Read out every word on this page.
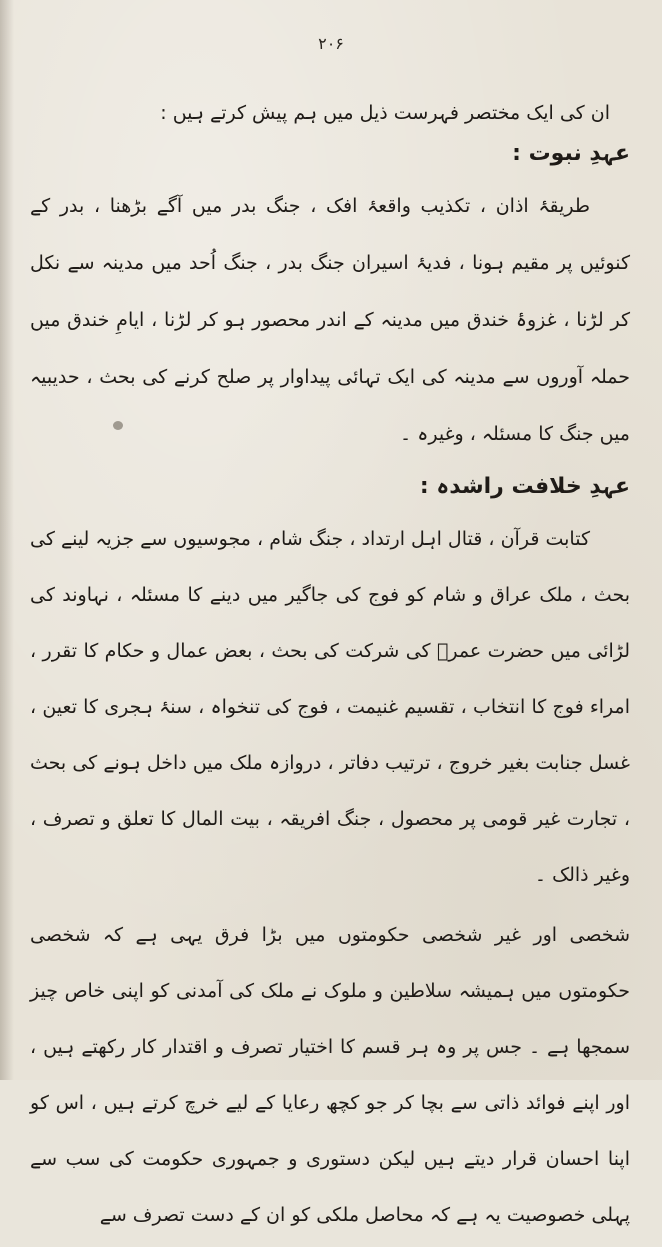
۲۰۶

ان کی ایک مختصر فہرست ذیل میں ہم پیش کرتے ہیں :

عہدِ نبوت :

طریقۂ اذان ، تکذیب واقعۂ افک ، جنگ بدر میں آگے بڑھنا ، بدر کے کنوئیں پر مقیم ہونا ، فدیۂ اسیران جنگ بدر ، جنگ اُحد میں مدینہ سے نکل کر لڑنا ، غزوۂ خندق میں مدینہ کے اندر محصور ہو کر لڑنا ، ایامِ خندق میں حملہ آوروں سے مدینہ کی ایک تہائی پیداوار پر صلح کرنے کی بحث ، حدیبیہ میں جنگ کا مسئلہ ، وغیرہ ۔

عہدِ خلافت راشدہ :

کتابت قرآن ، قتال اہل ارتداد ، جنگ شام ، مجوسیوں سے جزیہ لینے کی بحث ، ملک عراق و شام کو فوج کی جاگیر میں دینے کا مسئلہ ، نہاوند کی لڑائی میں حضرت عمرؓ کی شرکت کی بحث ، بعض عمال و حکام کا تقرر ، امراء فوج کا انتخاب ، تقسیم غنیمت ، فوج کی تنخواہ ، سنۂ ہجری کا تعین ، غسل جنابت بغیر خروج ، ترتیب دفاتر ، دروازہ ملک میں داخل ہونے کی بحث ، تجارت غیر قومی پر محصول ، جنگ افریقہ ، بیت المال کا تعلق و تصرف ، وغیر ذالک ۔

شخصی اور غیر شخصی حکومتوں میں بڑا فرق یہی ہے کہ شخصی حکومتوں میں ہمیشہ سلاطین و ملوک نے ملک کی آمدنی کو اپنی خاص چیز سمجھا ہے ۔ جس پر وہ ہر قسم کا اختیار تصرف و اقتدار کار رکھتے ہیں ، اور اپنے فوائد ذاتی سے بچا کر جو کچھ رعایا کے لیے خرچ کرتے ہیں ، اس کو اپنا احسان قرار دیتے ہیں لیکن دستوری و جمہوری حکومت کی سب سے پہلی خصوصیت یہ ہے کہ محاصل ملکی کو ان کے دست تصرف سے
